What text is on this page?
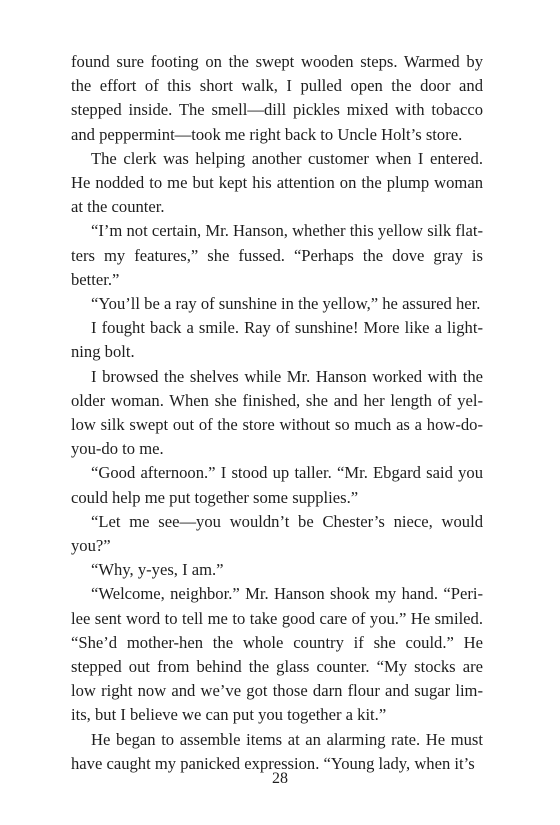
found sure footing on the swept wooden steps. Warmed by the effort of this short walk, I pulled open the door and stepped inside. The smell—dill pickles mixed with tobacco and peppermint—took me right back to Uncle Holt’s store.

The clerk was helping another customer when I entered. He nodded to me but kept his attention on the plump woman at the counter.

“I’m not certain, Mr. Hanson, whether this yellow silk flatters my features,” she fussed. “Perhaps the dove gray is better.”

“You’ll be a ray of sunshine in the yellow,” he assured her.

I fought back a smile. Ray of sunshine! More like a lightning bolt.

I browsed the shelves while Mr. Hanson worked with the older woman. When she finished, she and her length of yellow silk swept out of the store without so much as a how-do-you-do to me.

“Good afternoon.” I stood up taller. “Mr. Ebgard said you could help me put together some supplies.”

“Let me see—you wouldn’t be Chester’s niece, would you?”

“Why, y-yes, I am.”

“Welcome, neighbor.” Mr. Hanson shook my hand. “Perilee sent word to tell me to take good care of you.” He smiled. “She’d mother-hen the whole country if she could.” He stepped out from behind the glass counter. “My stocks are low right now and we’ve got those darn flour and sugar limits, but I believe we can put you together a kit.”

He began to assemble items at an alarming rate. He must have caught my panicked expression. “Young lady, when it’s

28
